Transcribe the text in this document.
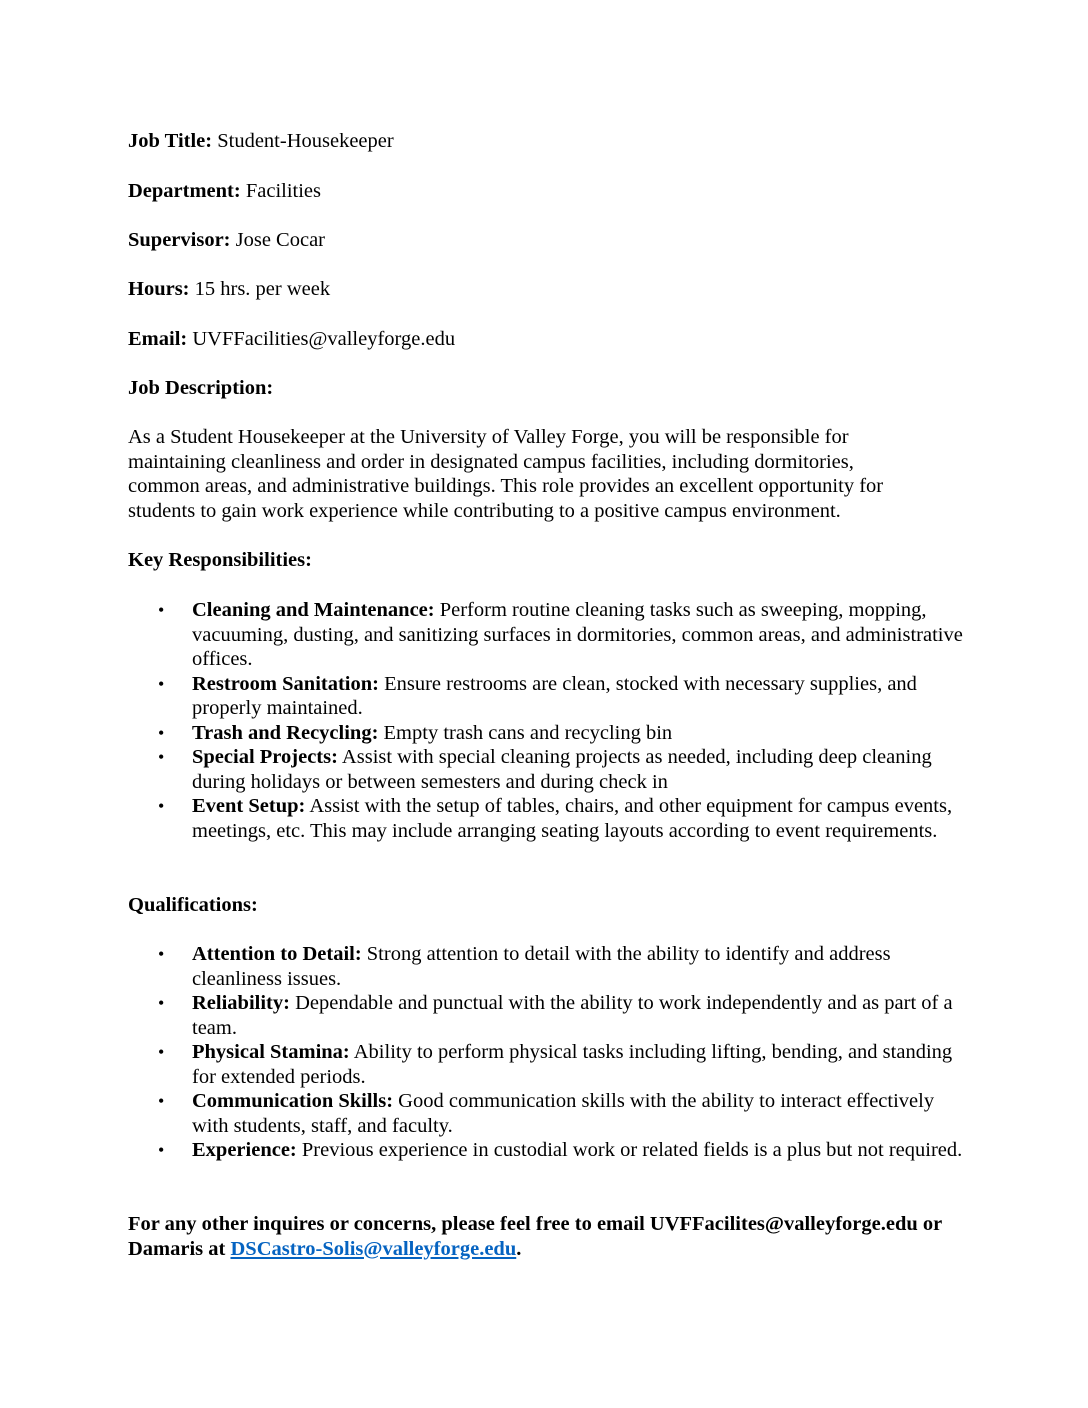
Job Title: Student-Housekeeper
Department: Facilities
Supervisor: Jose Cocar
Hours: 15 hrs. per week
Email: UVFFacilities@valleyforge.edu
Job Description:
As a Student Housekeeper at the University of Valley Forge, you will be responsible for maintaining cleanliness and order in designated campus facilities, including dormitories, common areas, and administrative buildings. This role provides an excellent opportunity for students to gain work experience while contributing to a positive campus environment.
Key Responsibilities:
• Cleaning and Maintenance: Perform routine cleaning tasks such as sweeping, mopping, vacuuming, dusting, and sanitizing surfaces in dormitories, common areas, and administrative offices.
• Restroom Sanitation: Ensure restrooms are clean, stocked with necessary supplies, and properly maintained.
• Trash and Recycling: Empty trash cans and recycling bin
• Special Projects: Assist with special cleaning projects as needed, including deep cleaning during holidays or between semesters and during check in
• Event Setup: Assist with the setup of tables, chairs, and other equipment for campus events, meetings, etc. This may include arranging seating layouts according to event requirements.
Qualifications:
• Attention to Detail: Strong attention to detail with the ability to identify and address cleanliness issues.
• Reliability: Dependable and punctual with the ability to work independently and as part of a team.
• Physical Stamina: Ability to perform physical tasks including lifting, bending, and standing for extended periods.
• Communication Skills: Good communication skills with the ability to interact effectively with students, staff, and faculty.
• Experience: Previous experience in custodial work or related fields is a plus but not required.
For any other inquires or concerns, please feel free to email UVFFacilites@valleyforge.edu or Damaris at DSCastro-Solis@valleyforge.edu.
